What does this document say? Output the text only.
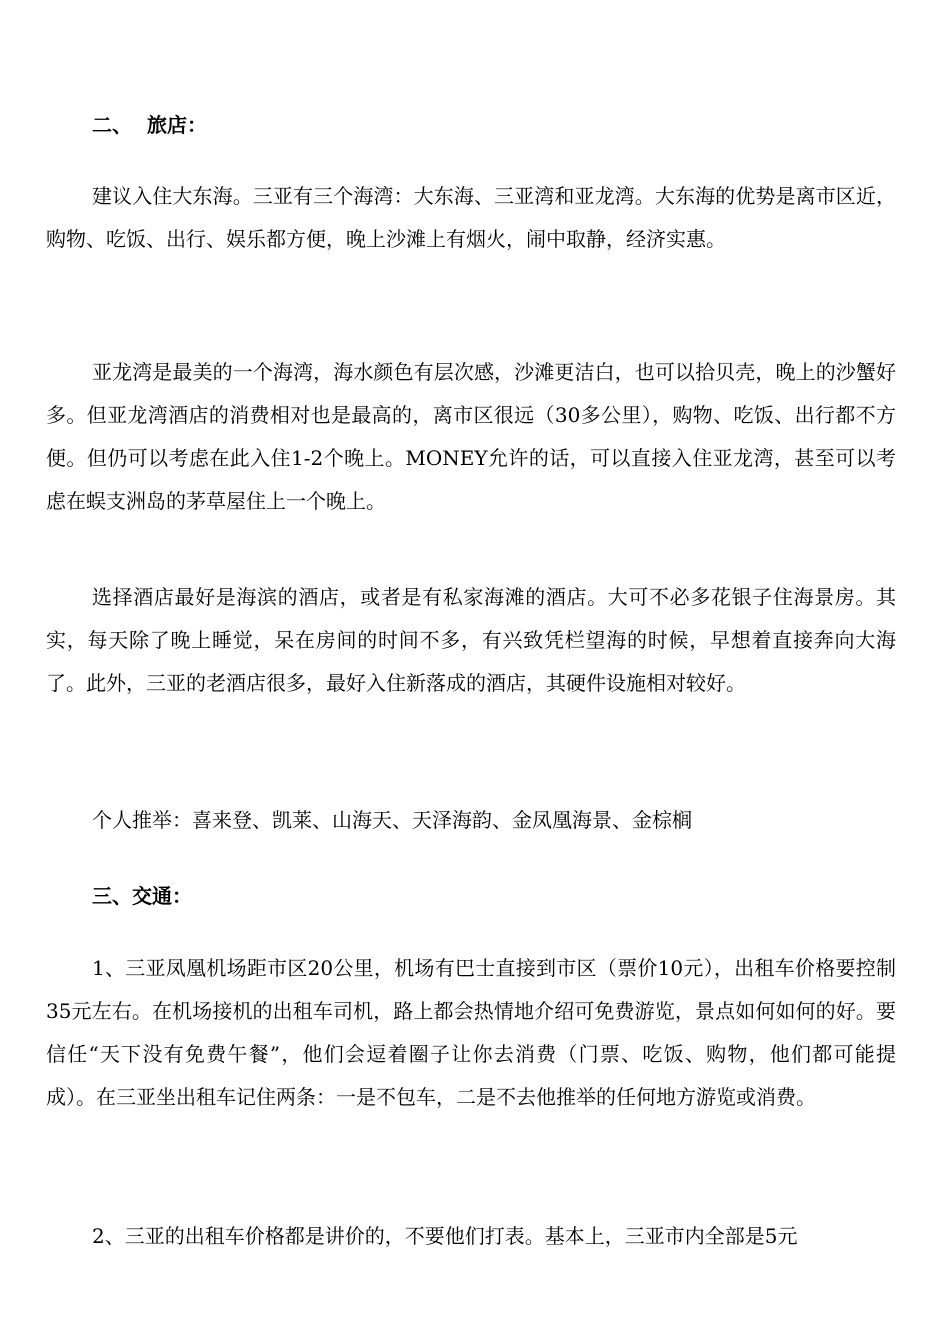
二、 旅店：

建议入住大东海。三亚有三个海湾：大东海、三亚湾和亚龙湾。大东海的优势是离市区近，购物、吃饭、出行、娱乐都方便，晚上沙滩上有烟火，闹中取静，经济实惠。

亚龙湾是最美的一个海湾，海水颜色有层次感，沙滩更洁白，也可以拾贝壳，晚上的沙蟹好多。但亚龙湾酒店的消费相对也是最高的，离市区很远（30多公里），购物、吃饭、出行都不方便。但仍可以考虑在此入住1-2个晚上。MONEY允许的话，可以直接入住亚龙湾，甚至可以考虑在蜈支洲岛的茅草屋住上一个晚上。

选择酒店最好是海滨的酒店，或者是有私家海滩的酒店。大可不必多花银子住海景房。其实，每天除了晚上睡觉，呆在房间的时间不多，有兴致凭栏望海的时候，早想着直接奔向大海了。此外，三亚的老酒店很多，最好入住新落成的酒店，其硬件设施相对较好。

个人推举：喜来登、凯莱、山海天、天泽海韵、金凤凰海景、金棕榈

三、交通：

1、三亚凤凰机场距市区20公里，机场有巴士直接到市区（票价10元），出租车价格要控制35元左右。在机场接机的出租车司机，路上都会热情地介绍可免费游览，景点如何如何的好。要信任“天下没有免费午餐”，他们会逗着圈子让你去消费（门票、吃饭、购物，他们都可能提成）。在三亚坐出租车记住两条：一是不包车，二是不去他推举的任何地方游览或消费。

2、三亚的出租车价格都是讲价的，不要他们打表。基本上，三亚市内全部是5元
